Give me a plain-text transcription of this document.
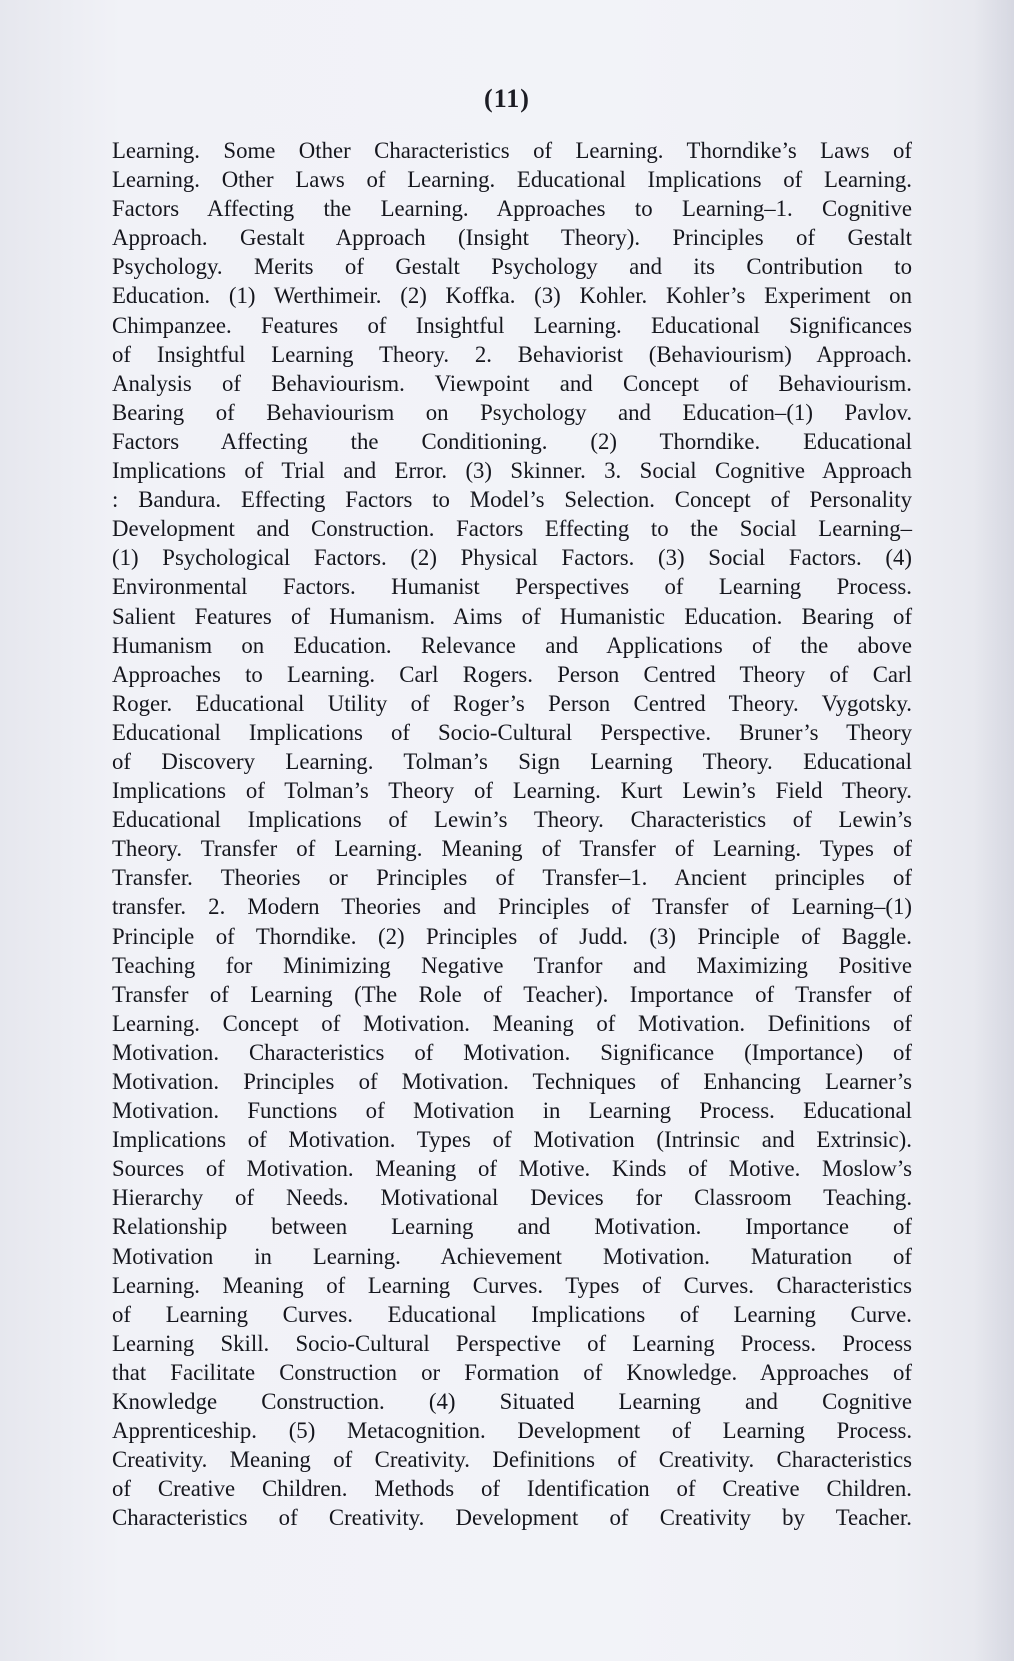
(11)
Learning. Some Other Characteristics of Learning. Thorndike’s Laws of
Learning. Other Laws of Learning. Educational Implications of Learning.
Factors Affecting the Learning. Approaches to Learning–1. Cognitive
Approach. Gestalt Approach (Insight Theory). Principles of Gestalt
Psychology. Merits of Gestalt Psychology and its Contribution to
Education. (1) Werthimeir. (2) Koffka. (3) Kohler. Kohler’s Experiment on
Chimpanzee. Features of Insightful Learning. Educational Significances
of Insightful Learning Theory. 2. Behaviorist (Behaviourism) Approach.
Analysis of Behaviourism. Viewpoint and Concept of Behaviourism.
Bearing of Behaviourism on Psychology and Education–(1) Pavlov.
Factors Affecting the Conditioning. (2) Thorndike. Educational
Implications of Trial and Error. (3) Skinner. 3. Social Cognitive Approach
: Bandura. Effecting Factors to Model’s Selection. Concept of Personality
Development and Construction. Factors Effecting to the Social Learning–
(1) Psychological Factors. (2) Physical Factors. (3) Social Factors. (4)
Environmental Factors. Humanist Perspectives of Learning Process.
Salient Features of Humanism. Aims of Humanistic Education. Bearing of
Humanism on Education. Relevance and Applications of the above
Approaches to Learning. Carl Rogers. Person Centred Theory of Carl
Roger. Educational Utility of Roger’s Person Centred Theory. Vygotsky.
Educational Implications of Socio-Cultural Perspective. Bruner’s Theory
of Discovery Learning. Tolman’s Sign Learning Theory. Educational
Implications of Tolman’s Theory of Learning. Kurt Lewin’s Field Theory.
Educational Implications of Lewin’s Theory. Characteristics of Lewin’s
Theory. Transfer of Learning. Meaning of Transfer of Learning. Types of
Transfer. Theories or Principles of Transfer–1. Ancient principles of
transfer. 2. Modern Theories and Principles of Transfer of Learning–(1)
Principle of Thorndike. (2) Principles of Judd. (3) Principle of Baggle.
Teaching for Minimizing Negative Tranfor and Maximizing Positive
Transfer of Learning (The Role of Teacher). Importance of Transfer of
Learning. Concept of Motivation. Meaning of Motivation. Definitions of
Motivation. Characteristics of Motivation. Significance (Importance) of
Motivation. Principles of Motivation. Techniques of Enhancing Learner’s
Motivation. Functions of Motivation in Learning Process. Educational
Implications of Motivation. Types of Motivation (Intrinsic and Extrinsic).
Sources of Motivation. Meaning of Motive. Kinds of Motive. Moslow’s
Hierarchy of Needs. Motivational Devices for Classroom Teaching.
Relationship between Learning and Motivation. Importance of
Motivation in Learning. Achievement Motivation. Maturation of
Learning. Meaning of Learning Curves. Types of Curves. Characteristics
of Learning Curves. Educational Implications of Learning Curve.
Learning Skill. Socio-Cultural Perspective of Learning Process. Process
that Facilitate Construction or Formation of Knowledge. Approaches of
Knowledge Construction. (4) Situated Learning and Cognitive
Apprenticeship. (5) Metacognition. Development of Learning Process.
Creativity. Meaning of Creativity. Definitions of Creativity. Characteristics
of Creative Children. Methods of Identification of Creative Children.
Characteristics of Creativity. Development of Creativity by Teacher.
